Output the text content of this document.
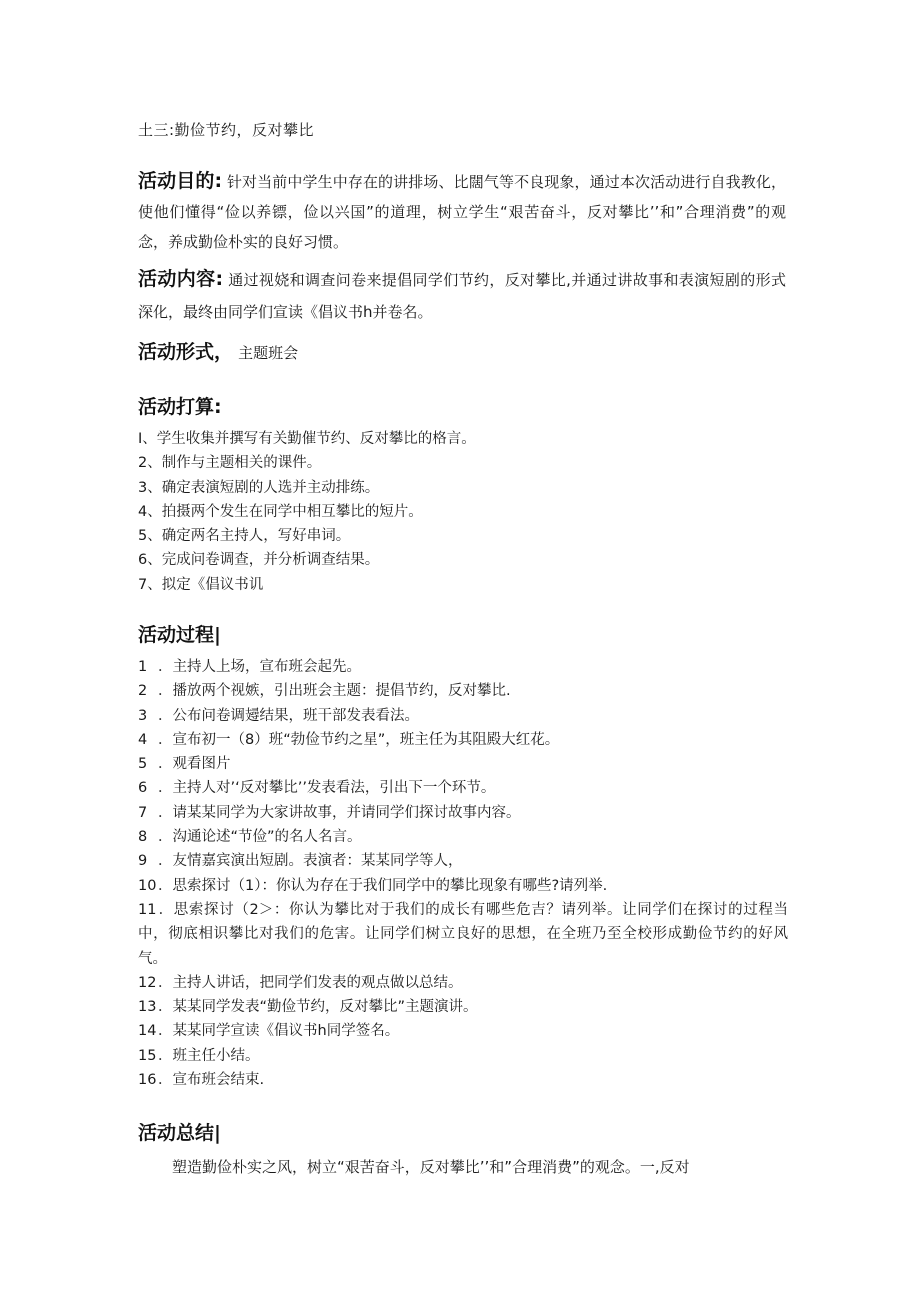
土三:勤俭节约，反对攀比
活动目的: 针对当前中学生中存在的讲排场、比闊气等不良现象，通过本次活动进行自我教化，使他们懂得“俭以养镖，俭以兴国”的道理，树立学生“艰苦奋斗，反对攀比’’和”合理消费”的观念，养成勤俭朴实的良好习惯。
活动内容: 通过视娆和调查问卷来提倡同学们节约，反对攀比,并通过讲故事和表演短剧的形式深化，最终由同学们宣读《倡议书h并卷名。
活动形式， 主题班会
活动打算:
I、学生收集并撰写有关勤催节约、反对攀比的格言。
2、制作与主题相关的课件。
3、确定表演短剧的人选并主动排练。
4、拍摄两个发生在同学中相互攀比的短片。
5、确定两名主持人，写好串词。
6、完成问卷调查，并分析调查结果。
7、拟定《倡议书讥
活动过程|
1 ．主持人上场，宣布班会起先。
2 ．播放两个视嫉，引出班会主题：提倡节约，反对攀比.
3 ．公布问卷调攳结果，班干部发表看法。
4 ．宣布初一（8）班“勃俭节约之星”，班主任为其阻殿大红花。
5 ．观看图片
6 ．主持人对’‘反对攀比’’发表看法，引出下一个环节。
7 ．请某某同学为大家讲故事，并请同学们探讨故事内容。
8 ．沟通论述“节俭”的名人名言。
9 ．友情嘉宾演出短剧。表演者：某某同学等人，
10 ．思索探讨（1）：你认为存在于我们同学中的攀比现象有哪些?请列举.
11 ．思索探讨（2＞：你认为攀比对于我们的成长有哪些危吉？请列举。让同学们在探讨的过程当中，彻底相识攀比对我们的危害。让同学们树立良好的思想，在全班乃至全校形成勤俭节约的好风气。
12 ．主持人讲话，把同学们发表的观点做以总结。
13 ．某某同学发表“勤俭节约，反对攀比”主题演讲。
14 ．某某同学宣读《倡议书h同学签名。
15 ．班主任小结。
16 ．宣布班会结束.
活动总结|
塑造勤俭朴实之风，树立“艰苦奋斗，反对攀比’’和”合理消费”的观念。一,反对
